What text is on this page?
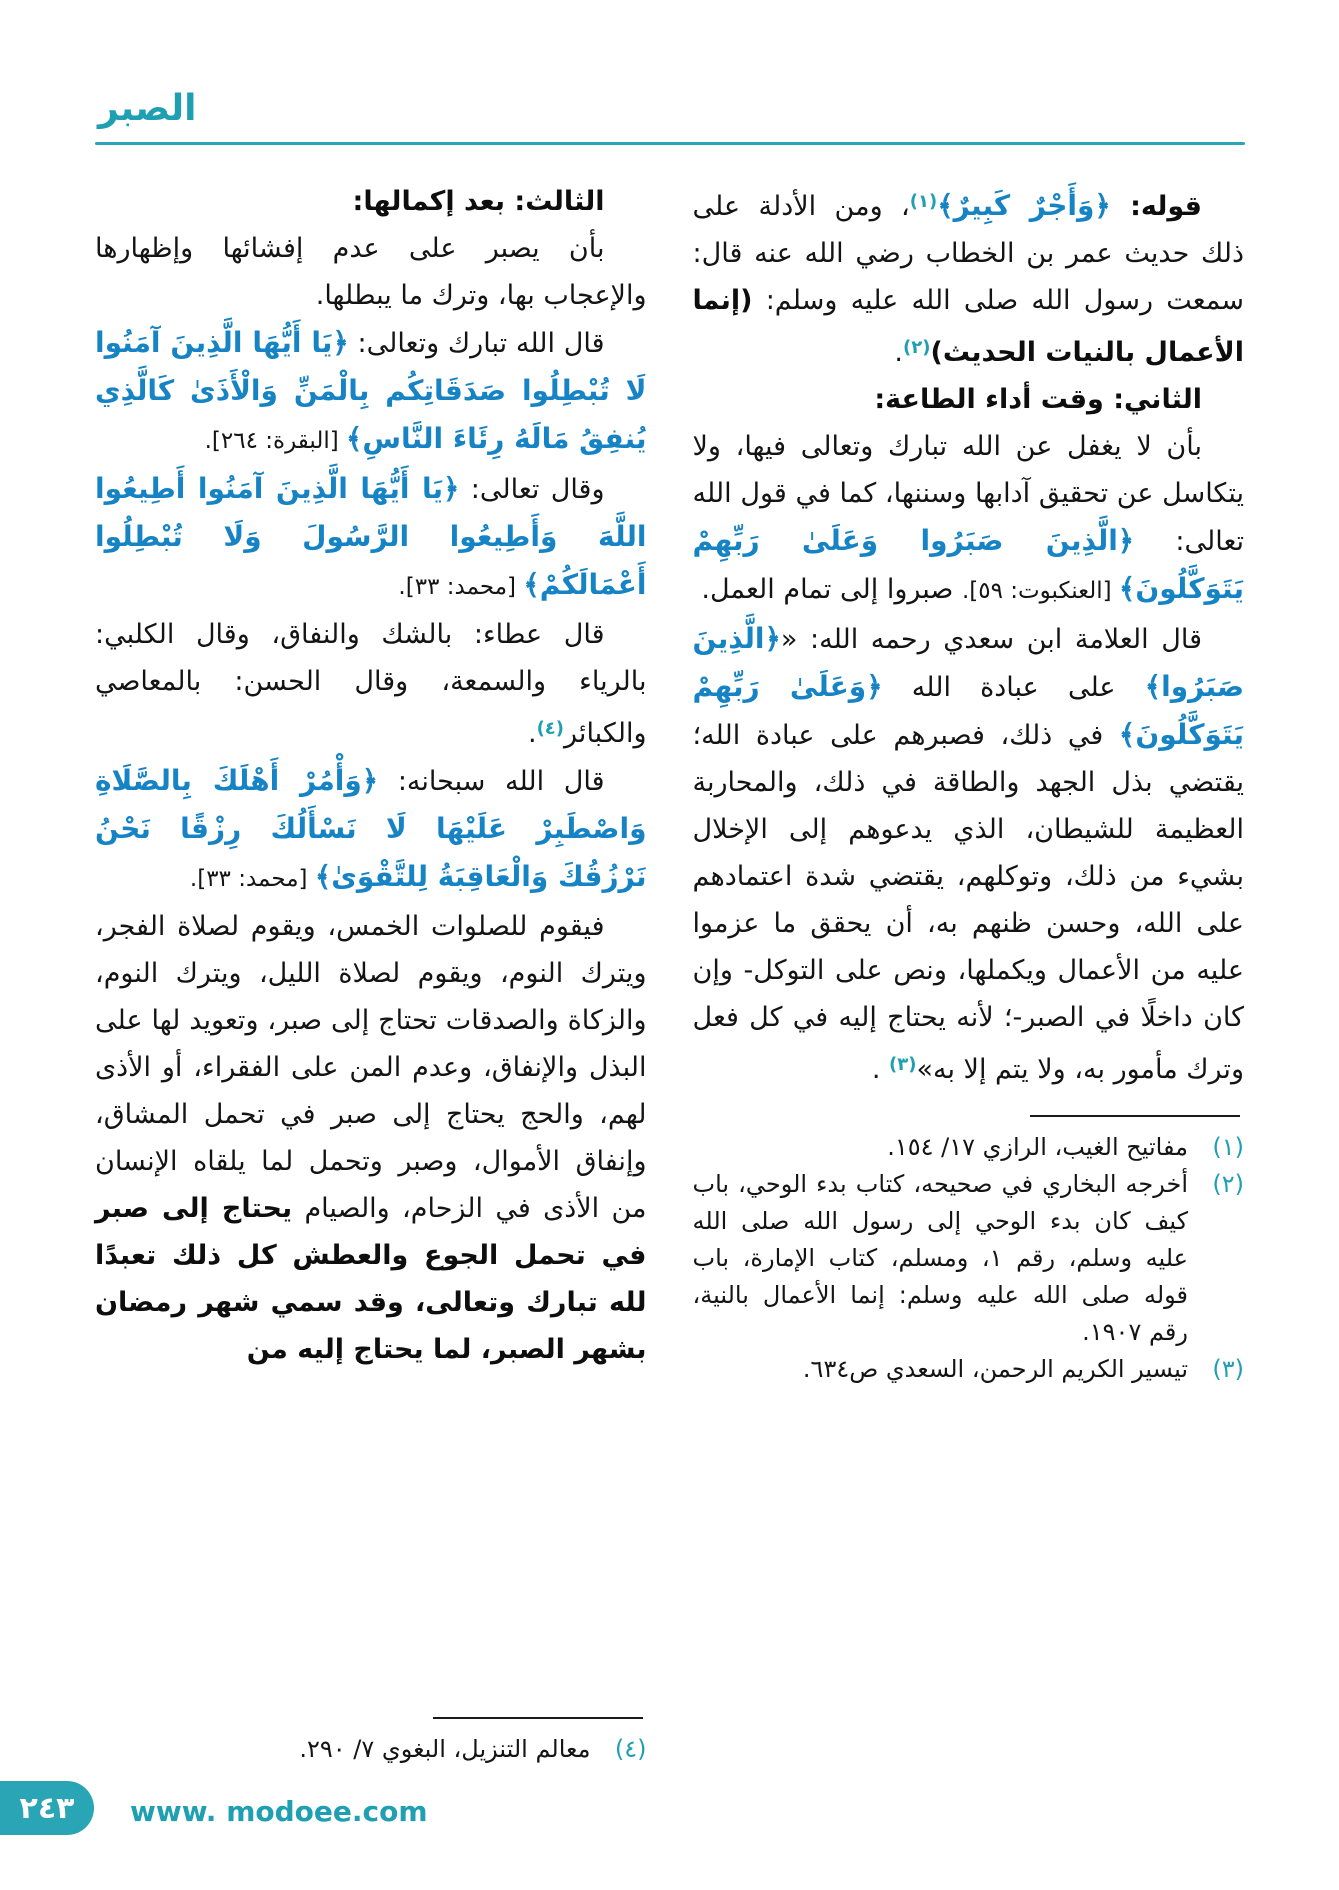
الصبر

قوله: ﴿وَأَجْرٌ كَبِيرٌ﴾$^{(١)}$، ومن الأدلة على ذلك حديث عمر بن الخطاب رضي الله عنه قال: سمعت رسول الله صلى الله عليه وسلم: (إنما الأعمال بالنيات الحديث)$^{(٢)}$.

الثاني: وقت أداء الطاعة:

بأن لا يغفل عن الله تبارك وتعالى فيها، ولا يتكاسل عن تحقيق آدابها وسننها، كما في قول الله تعالى: ﴿الَّذِينَ صَبَرُوا وَعَلَىٰ رَبِّهِمْ يَتَوَكَّلُونَ﴾ [العنكبوت: ٥٩]. صبروا إلى تمام العمل.

قال العلامة ابن سعدي رحمه الله: «﴿الَّذِينَ صَبَرُوا﴾ على عبادة الله ﴿وَعَلَىٰ رَبِّهِمْ يَتَوَكَّلُونَ﴾ في ذلك، فصبرهم على عبادة الله؛ يقتضي بذل الجهد والطاقة في ذلك، والمحاربة العظيمة للشيطان، الذي يدعوهم إلى الإخلال بشيء من ذلك، وتوكلهم، يقتضي شدة اعتمادهم على الله، وحسن ظنهم به، أن يحقق ما عزموا عليه من الأعمال ويكملها، ونص على التوكل- وإن كان داخلًا في الصبر-؛ لأنه يحتاج إليه في كل فعل وترك مأمور به، ولا يتم إلا به»$^{(٣)}$ .

(١)
مفاتيح الغيب، الرازي ١٧/ ١٥٤.
(٢)
أخرجه البخاري في صحيحه، كتاب بدء الوحي، باب كيف كان بدء الوحي إلى رسول الله صلى الله عليه وسلم، رقم ١، ومسلم، كتاب الإمارة، باب قوله صلى الله عليه وسلم: إنما الأعمال بالنية، رقم ١٩٠٧.
(٣)
تيسير الكريم الرحمن، السعدي ص٦٣٤.

الثالث: بعد إكمالها:

بأن يصبر على عدم إفشائها وإظهارها والإعجاب بها، وترك ما يبطلها.

قال الله تبارك وتعالى: ﴿يَا أَيُّهَا الَّذِينَ آمَنُوا لَا تُبْطِلُوا صَدَقَاتِكُم بِالْمَنِّ وَالْأَذَىٰ كَالَّذِي يُنفِقُ مَالَهُ رِئَاءَ النَّاسِ﴾ [البقرة: ٢٦٤].

وقال تعالى: ﴿يَا أَيُّهَا الَّذِينَ آمَنُوا أَطِيعُوا اللَّهَ وَأَطِيعُوا الرَّسُولَ وَلَا تُبْطِلُوا أَعْمَالَكُمْ﴾ [محمد: ٣٣].

قال عطاء: بالشك والنفاق، وقال الكلبي: بالرياء والسمعة، وقال الحسن: بالمعاصي والكبائر$^{(٤)}$.

قال الله سبحانه: ﴿وَأْمُرْ أَهْلَكَ بِالصَّلَاةِ وَاصْطَبِرْ عَلَيْهَا لَا نَسْأَلُكَ رِزْقًا نَحْنُ نَرْزُقُكَ وَالْعَاقِبَةُ لِلتَّقْوَىٰ﴾ [محمد: ٣٣].

فيقوم للصلوات الخمس، ويقوم لصلاة الفجر، ويترك النوم، ويقوم لصلاة الليل، ويترك النوم، والزكاة والصدقات تحتاج إلى صبر، وتعويد لها على البذل والإنفاق، وعدم المن على الفقراء، أو الأذى لهم، والحج يحتاج إلى صبر في تحمل المشاق، وإنفاق الأموال، وصبر وتحمل لما يلقاه الإنسان من الأذى في الزحام، والصيام يحتاج إلى صبر في تحمل الجوع والعطش كل ذلك تعبدًا لله تبارك وتعالى، وقد سمي شهر رمضان بشهر الصبر، لما يحتاج إليه من

(٤)
معالم التنزيل، البغوي ٧/ ٢٩٠.
٢٤٣ www. modoee.com
